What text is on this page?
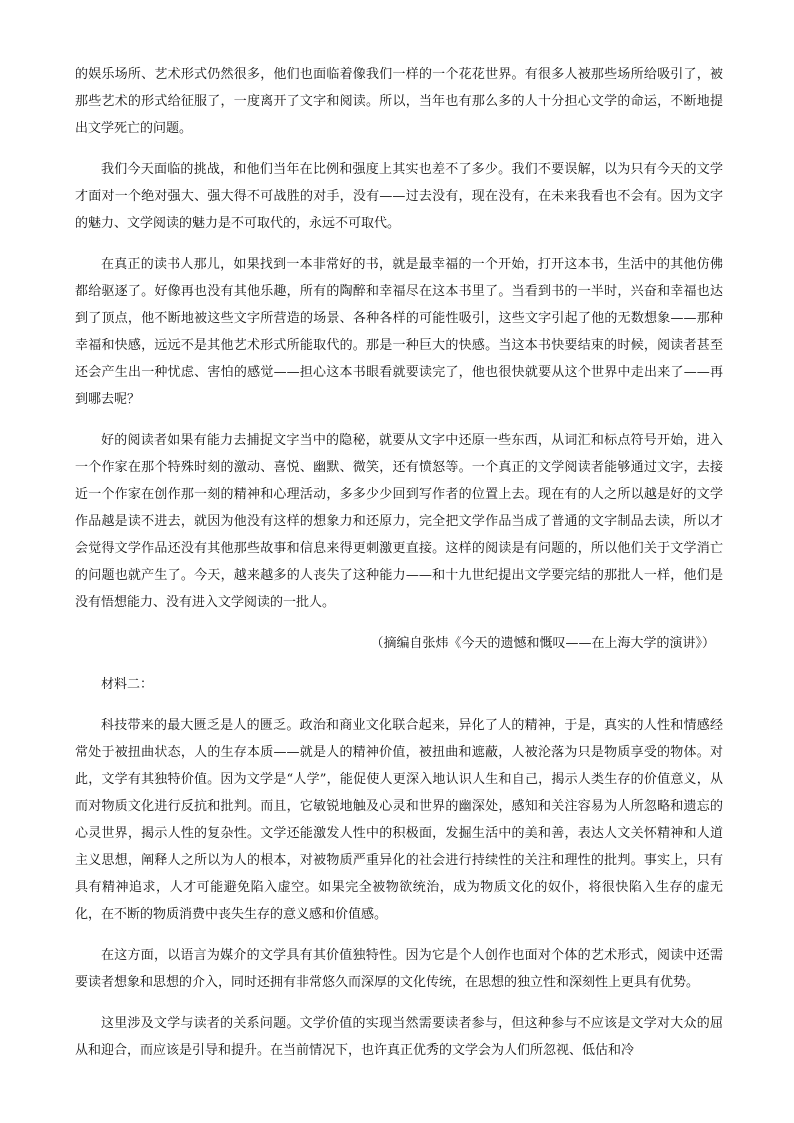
的娱乐场所、艺术形式仍然很多，他们也面临着像我们一样的一个花花世界。有很多人被那些场所给吸引了，被那些艺术的形式给征服了，一度离开了文字和阅读。所以，当年也有那么多的人十分担心文学的命运，不断地提出文学死亡的问题。

我们今天面临的挑战，和他们当年在比例和强度上其实也差不了多少。我们不要误解，以为只有今天的文学才面对一个绝对强大、强大得不可战胜的对手，没有——过去没有，现在没有，在未来我看也不会有。因为文字的魅力、文学阅读的魅力是不可取代的，永远不可取代。

在真正的读书人那儿，如果找到一本非常好的书，就是最幸福的一个开始，打开这本书，生活中的其他仿佛都给驱逐了。好像再也没有其他乐趣，所有的陶醉和幸福尽在这本书里了。当看到书的一半时，兴奋和幸福也达到了顶点，他不断地被这些文字所营造的场景、各种各样的可能性吸引，这些文字引起了他的无数想象——那种幸福和快感，远远不是其他艺术形式所能取代的。那是一种巨大的快感。当这本书快要结束的时候，阅读者甚至还会产生出一种忧虑、害怕的感觉——担心这本书眼看就要读完了，他也很快就要从这个世界中走出来了——再到哪去呢？

好的阅读者如果有能力去捕捉文字当中的隐秘，就要从文字中还原一些东西，从词汇和标点符号开始，进入一个作家在那个特殊时刻的激动、喜悦、幽默、微笑，还有愤怒等。一个真正的文学阅读者能够通过文字，去接近一个作家在创作那一刻的精神和心理活动，多多少少回到写作者的位置上去。现在有的人之所以越是好的文学作品越是读不进去，就因为他没有这样的想象力和还原力，完全把文学作品当成了普通的文字制品去读，所以才会觉得文学作品还没有其他那些故事和信息来得更刺激更直接。这样的阅读是有问题的，所以他们关于文学消亡的问题也就产生了。今天，越来越多的人丧失了这种能力——和十九世纪提出文学要完结的那批人一样，他们是没有悟想能力、没有进入文学阅读的一批人。

（摘编自张炜《今天的遗憾和慨叹——在上海大学的演讲》）

材料二：

科技带来的最大匮乏是人的匮乏。政治和商业文化联合起来，异化了人的精神，于是，真实的人性和情感经常处于被扭曲状态，人的生存本质——就是人的精神价值，被扭曲和遮蔽，人被沦落为只是物质享受的物体。对此，文学有其独特价值。因为文学是“人学”，能促使人更深入地认识人生和自己，揭示人类生存的价值意义，从而对物质文化进行反抗和批判。而且，它敏锐地触及心灵和世界的幽深处，感知和关注容易为人所忽略和遗忘的心灵世界，揭示人性的复杂性。文学还能激发人性中的积极面，发掘生活中的美和善，表达人文关怀精神和人道主义思想，阐释人之所以为人的根本，对被物质严重异化的社会进行持续性的关注和理性的批判。事实上，只有具有精神追求，人才可能避免陷入虚空。如果完全被物欲统治，成为物质文化的奴仆，将很快陷入生存的虚无化，在不断的物质消费中丧失生存的意义感和价值感。

在这方面，以语言为媒介的文学具有其价值独特性。因为它是个人创作也面对个体的艺术形式，阅读中还需要读者想象和思想的介入，同时还拥有非常悠久而深厚的文化传统，在思想的独立性和深刻性上更具有优势。

这里涉及文学与读者的关系问题。文学价值的实现当然需要读者参与，但这种参与不应该是文学对大众的屈从和迎合，而应该是引导和提升。在当前情况下，也许真正优秀的文学会为人们所忽视、低估和冷
